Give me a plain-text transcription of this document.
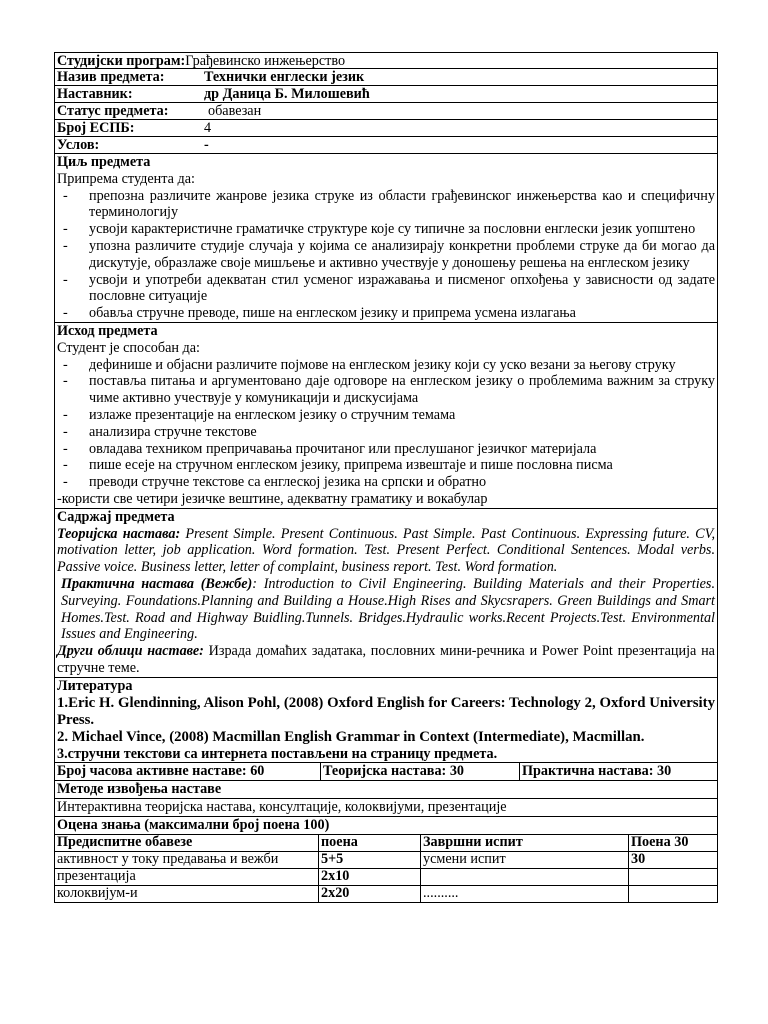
Студијски програм: Грађевинско инжењерство
Назив предмета:	Технички енглески језик
Наставник:	др Даница Б. Милошевић
Статус предмета:	обавезан
Број ЕСПБ:	4
Услов:	-
Циљ предмета
Припрема студента да:
- препозна различите жанрове језика струке из области грађевинског инжењерства као и специфичну терминологију
- усвоји карактеристичне граматичке структуре које су типичне за пословни енглески језик уопштено
- упозна различите студије случаја у којима се анализирају конкретни проблеми струке да би могао да дискутује, образлаже своје мишљење и активно учествује у доношењу решења на енглеском језику
- усвоји и употреби адекватан стил усменог изражавања и писменог опхођења у зависности од задате пословне ситуације
- обавља стручне преводе, пише на енглеском језику и припрема усмена излагања
Исход предмета
Студент је способан да:
- дефинише и објасни различите појмове на енглеском језику који су уско везани за његову струку
- поставља питања и аргументовано даје одговоре на енглеском језику о проблемима важним за струку чиме активно учествује у комуникацији и дискусијама
- излаже презентације на енглеском језику о стручним темама
- анализира стручне текстове
- овладава техником препричавања прочитаног или преслушаног језичког материјала
- пише есеје на стручном енглеском језику, припрема извештаје и пише пословна писма
- преводи стручне текстове са енглеској језика на српски и обратно
-користи све четири језичке вештине, адекватну граматику и вокабулар
Садржај предмета
Теоријска настава: Present Simple. Present Continuous. Past Simple. Past Continuous. Expressing future. CV, motivation letter, job application. Word formation. Test. Present Perfect. Conditional Sentences. Modal verbs. Passive voice. Business letter, letter of complaint, business report. Test. Word formation.
Практична настава (Вежбе): Introduction to Civil Engineering. Building Materials and their Properties. Surveying. Foundations.Planning and Building a House.High Rises and Skycsrapers. Green Buildings and Smart Homes.Test. Road and Highway Buidling.Tunnels. Bridges.Hydraulic works.Recent Projects.Test. Environmental Issues and Engineering.
Други облици наставе: Израда домаћих задатака, пословних мини-речника и Power Point презентација на стручне теме.
Литература
1.Eric H. Glendinning, Alison Pohl, (2008) Oxford English for Careers: Technology 2, Oxford University Press.
2. Michael Vince, (2008) Macmillan English Grammar in Context (Intermediate), Macmillan.
3.стручни текстови са интернета постављени на страницу предмета.
Број часова активне наставе: 60	Теоријска настава: 30	Практична настава: 30
Методе извођења наставе
Интерактивна теоријска настава, консултације, колоквијуми, презентације
Оцена знања (максимални број поена 100)
Предиспитне обавезе	поена	Завршни испит	Поена 30
активност у току предавања и вежби	5+5	усмени испит	30
презентација	2x10		
колоквијум-и	2x20	..........	
